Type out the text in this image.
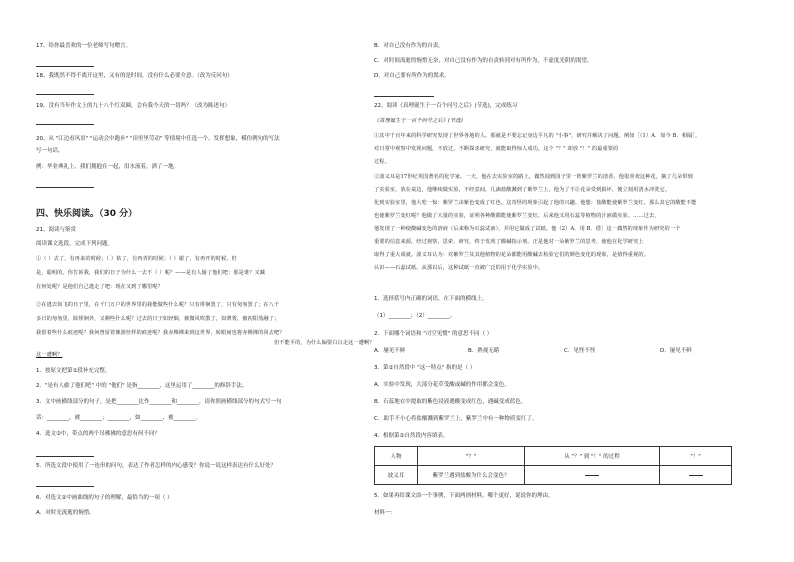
17、给你最喜欢的一位老师写句赠言。
18、我既然不得不离开这里，又有的是时间，没有什么必要介意。（改为反问句）
19、没有当年作文上的九十八个红双圈，会有我今天的一切吗？（改为陈述句）
20、从 "江边看风景" "运动会中跑步" "田里里劳动" 等情境中任选一个，发挥想象，模仿例句的写法
写一句话。
例：毕业典礼上，我们拥抱在一起，泪水流着，洒了一地。
四、快乐阅读。（30 分）
21、阅读与鉴赏
阅读课文选段，完成下列问题。
①（ ）去了，有再来的时候；（ ）枯了，有再青的时候；（ ）谢了，有再开的时候。但
是，聪明的，你告诉我，我们的日子为什么一去不（ ）呢？——是有人偷了他们吧：那是谁？又藏
在何处呢？是他们自己逃走了吧：现在又到了哪里呢？
②在逃去如飞的日子里，在千门万户的世界里的我能做些什么呢？只有徘徊罢了，只有匆匆罢了；在八千
多日的匆匆里，除徘徊外，又剩些什么呢？过去的日子如轻烟，被微风吹散了，如薄雾，被初阳蒸融了；
我留着些什么痕迹呢？我何曾留着像游丝样的痕迹呢？我赤裸裸来到这世界，转眼间也将赤裸裸的回去吧？
但不能平的，为什么偏要白白走这一遭啊？
这一遭啊？
1．按原文把第①段补充完整。
2．"是有人偷了他们吧" 中的 "他们" 是指________，这里运用了________的修辞手法。
3．文中画横线部分的句子，是把________比作________和________，请你照画横线部分的句式写一句
话：________，被________；________，如________，被________。
4．选文②中，带点的两个吊佛佛的意思有何不同？
5．所选文段中使用了一连串的问句，表达了作者怎样的内心感受？你说一说这样表达有什么好处？
6．对选文②中画曲线的句子的理解，最恰当的一项（ ）
A．对时光流逝的惋惜。
B．对自己没有作为的自责。
C．对时间流逝的惋惜无奈，对自己没有作为的自责转到对有所作为，不虚度光阴的渴望。
D．对自己要有所作为的渴求。
22、阅读《真理诞生于一百个问号之后》(节选)，完成练习
《真理诞生于一百个问号之后》(节选)
①其中千百年来的科学研究发现了世界各地的人。那就是不要忘记身边平凡的 "小事"，研究并解决了问题。例如［（1）A．如今 B．相隔］，
对日常中观察中发现问题，不放过，不断探求研究，就能取得惊人成功。这个 "？" 却放 "！" 的最重要的
过程。
②波义耳是17世纪英国著名的化学家。一天，他在去实验室的路上，偶然闻到园子里一阵紫罗兰的清香，他很喜欢这种花，摘了几朵带到
了实验室，放在桌边，他继续做实验，不经意间，几滴盐酸溅到了紫罗兰上。他为了不让花朵受到损坏，便立刻用清水冲洗它。
化到实验室里，他大吃一惊：紫罗兰由紫色变成了红色。这奇怪的现象引起了他的兴趣。他想：盐酸能使紫罗兰变红，那么其它的酸能不能
也使紫罗兰变红呢？他做了大量的实验，证明各种酸都能使紫罗兰变红。后来他又用石蕊等植物的汁液做实验。……过去，
他发现了一种使酸碱变色的溶液（后来称为石蕊试液），并用它做成了试纸。他（2）A．用 B．借］这一偶然的现象作为研究的一个
重要的信息来源，经过观察、思索、研究，终于发现了酸碱指示剂。正是他对一朵紫罗兰的思考，使他在化学研究上
取得了重大成就。波义耳认为：对紫罗兰及其他植物的花朵都能用酸碱去检验它们的颜色变化的现象，是值得重视的。
认识——石蕊试纸。从那以后，这种试纸一直被广泛的用于化学实验中。
1．选择括号内正确的词语，在下面的横线上。
（1）________；（2）________。
2．下面哪个词语和 "司空见惯" 的意思不同（ ）
A．屡见不鲜	B．熟视无睹	C．见怪不怪	D．屡见不鲜
3．第②自然段中 "这一特点" 指的是（ ）
A．实验中发现，大部分花草受酸或碱的作用都会变色。
B．石蕊地衣中提取的紫色浸液遇酸变成红色，遇碱变成蓝色。
C．助手不小心将盐酸溅到紫罗兰上，紫罗兰中有一种物质变红了。
4．根据第②自然段内容填表。
人物	"？"	从 "？" 到 "！" 的过程	"！"
波义耳	紫罗兰遇到盐酸为什么会变色？		
5．如果再给课文添一个事例，下面两则材料，哪个更好，说说你的理由。
材料一：
